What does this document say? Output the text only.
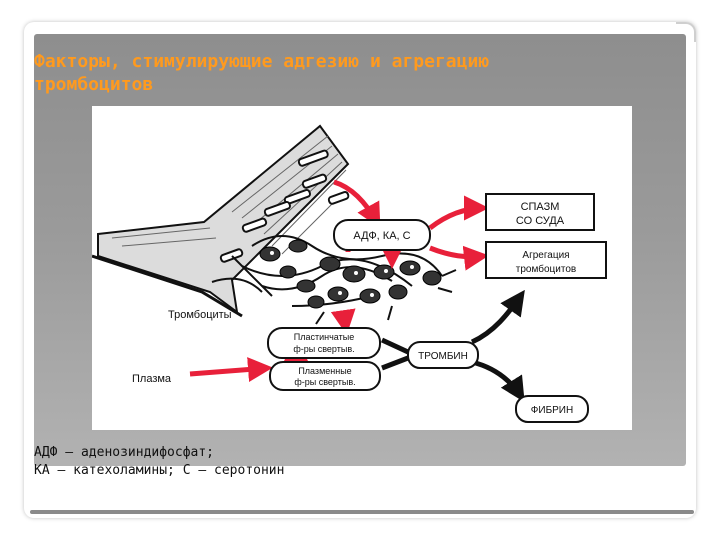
Факторы, стимулирующие адгезию и агрегацию
тромбоцитов
АДФ, КА, С
СПАЗМ
СО СУДА
Агрегация
тромбоцитов
Пластинчатые
ф-ры свертыв.
Плазменные
ф-ры свертыв.
ТРОМБИН
ФИБРИН
Тромбоциты
Плазма
АДФ — аденозиндифосфат;
КА — катехоламины; С — серотонин
